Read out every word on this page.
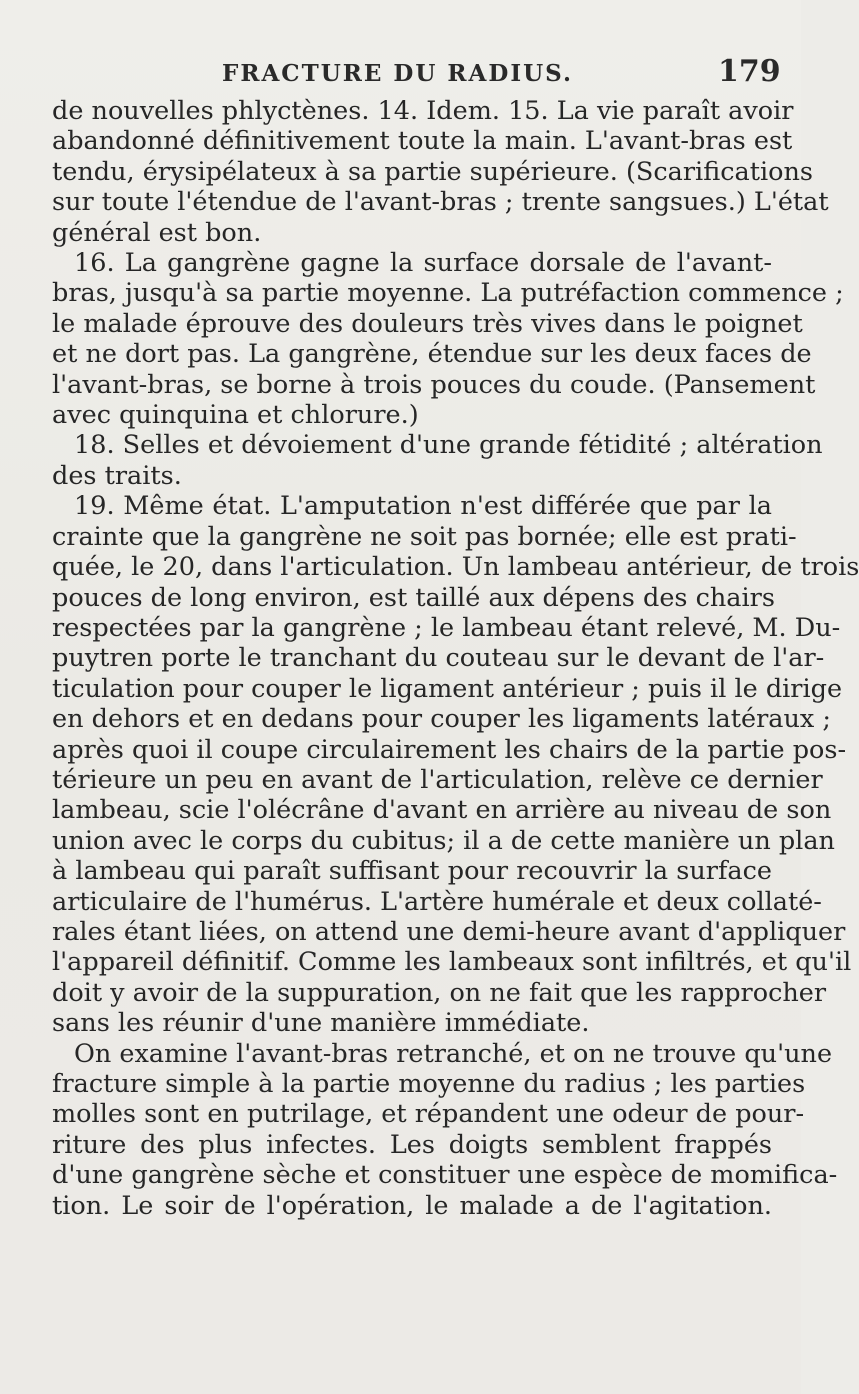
FRACTURE DU RADIUS.	179
de nouvelles phlyctènes. 14. Idem. 15. La vie paraît avoir
abandonné définitivement toute la main. L'avant-bras est
tendu, érysipélateux à sa partie supérieure. (Scarifications
sur toute l'étendue de l'avant-bras ; trente sangsues.) L'état
général est bon.
16. La gangrène gagne la surface dorsale de l'avant-
bras, jusqu'à sa partie moyenne. La putréfaction commence ;
le malade éprouve des douleurs très vives dans le poignet
et ne dort pas. La gangrène, étendue sur les deux faces de
l'avant-bras, se borne à trois pouces du coude. (Pansement
avec quinquina et chlorure.)
18. Selles et dévoiement d'une grande fétidité ; altération
des traits.
19. Même état. L'amputation n'est différée que par la
crainte que la gangrène ne soit pas bornée; elle est prati-
quée, le 20, dans l'articulation. Un lambeau antérieur, de trois
pouces de long environ, est taillé aux dépens des chairs
respectées par la gangrène ; le lambeau étant relevé, M. Du-
puytren porte le tranchant du couteau sur le devant de l'ar-
ticulation pour couper le ligament antérieur ; puis il le dirige
en dehors et en dedans pour couper les ligaments latéraux ;
après quoi il coupe circulairement les chairs de la partie pos-
térieure un peu en avant de l'articulation, relève ce dernier
lambeau, scie l'olécrâne d'avant en arrière au niveau de son
union avec le corps du cubitus; il a de cette manière un plan
à lambeau qui paraît suffisant pour recouvrir la surface
articulaire de l'humérus. L'artère humérale et deux collaté-
rales étant liées, on attend une demi-heure avant d'appliquer
l'appareil définitif. Comme les lambeaux sont infiltrés, et qu'il
doit y avoir de la suppuration, on ne fait que les rapprocher
sans les réunir d'une manière immédiate.
On examine l'avant-bras retranché, et on ne trouve qu'une
fracture simple à la partie moyenne du radius ; les parties
molles sont en putrilage, et répandent une odeur de pour-
riture des plus infectes. Les doigts semblent frappés
d'une gangrène sèche et constituer une espèce de momifica-
tion. Le soir de l'opération, le malade a de l'agitation.
